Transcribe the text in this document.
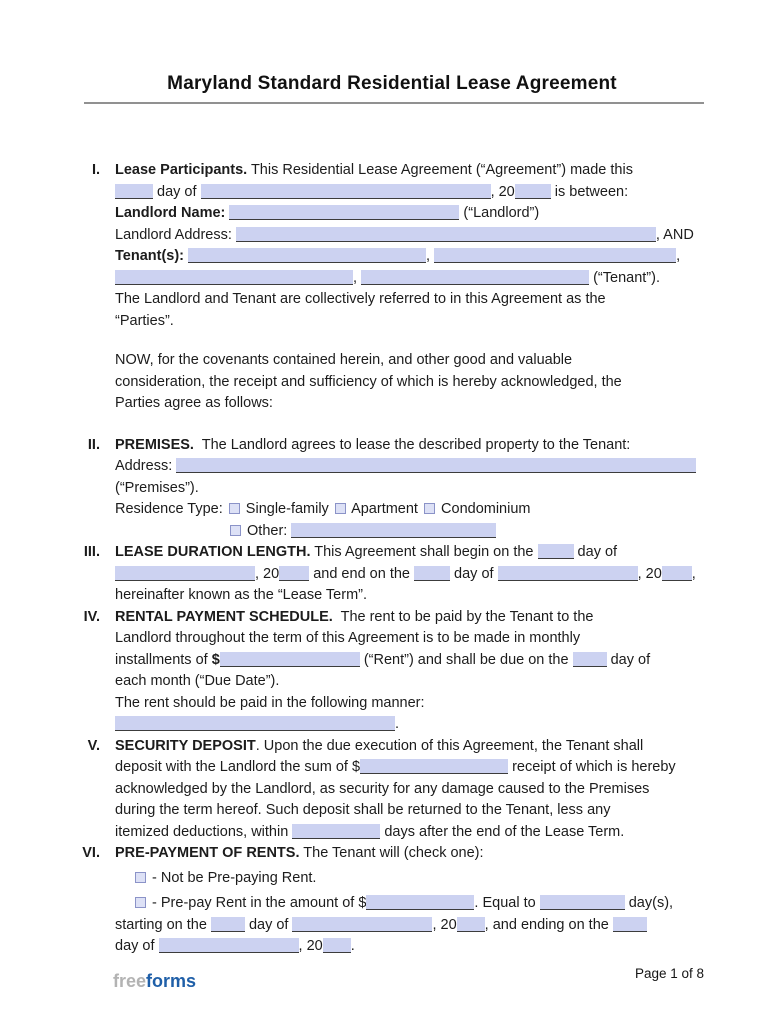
Maryland Standard Residential Lease Agreement
I. Lease Participants. This Residential Lease Agreement (“Agreement”) made this
day of	, 20 is between:
Landlord Name:	(“Landlord”)
Landlord Address:	, AND
Tenant(s):	,	,
,	(“Tenant”).
The Landlord and Tenant are collectively referred to in this Agreement as the
“Parties”.
NOW, for the covenants contained herein, and other good and valuable
consideration, the receipt and sufficiency of which is hereby acknowledged, the
Parties agree as follows:
II. PREMISES.  The Landlord agrees to lease the described property to the Tenant:
Address:
(“Premises”).
Residence Type:  Single-family  Apartment  Condominium
Other:
III. LEASE DURATION LENGTH. This Agreement shall begin on the  day of
, 20 and end on the  day of	, 20 ,
hereinafter known as the “Lease Term”.
IV. RENTAL PAYMENT SCHEDULE.  The rent to be paid by the Tenant to the
Landlord throughout the term of this Agreement is to be made in monthly
installments of $	(“Rent”) and shall be due on the  day of
each month (“Due Date”).
The rent should be paid in the following manner:
.
V. SECURITY DEPOSIT. Upon the due execution of this Agreement, the Tenant shall
deposit with the Landlord the sum of $	receipt of which is hereby
acknowledged by the Landlord, as security for any damage caused to the Premises
during the term hereof. Such deposit shall be returned to the Tenant, less any
itemized deductions, within	days after the end of the Lease Term.
VI. PRE-PAYMENT OF RENTS. The Tenant will (check one):
- Not be Pre-paying Rent.
- Pre-pay Rent in the amount of $	. Equal to	day(s),
starting on the  day of	, 20 , and ending on the
day of	, 20 .
freeforms	Page 1 of 8
